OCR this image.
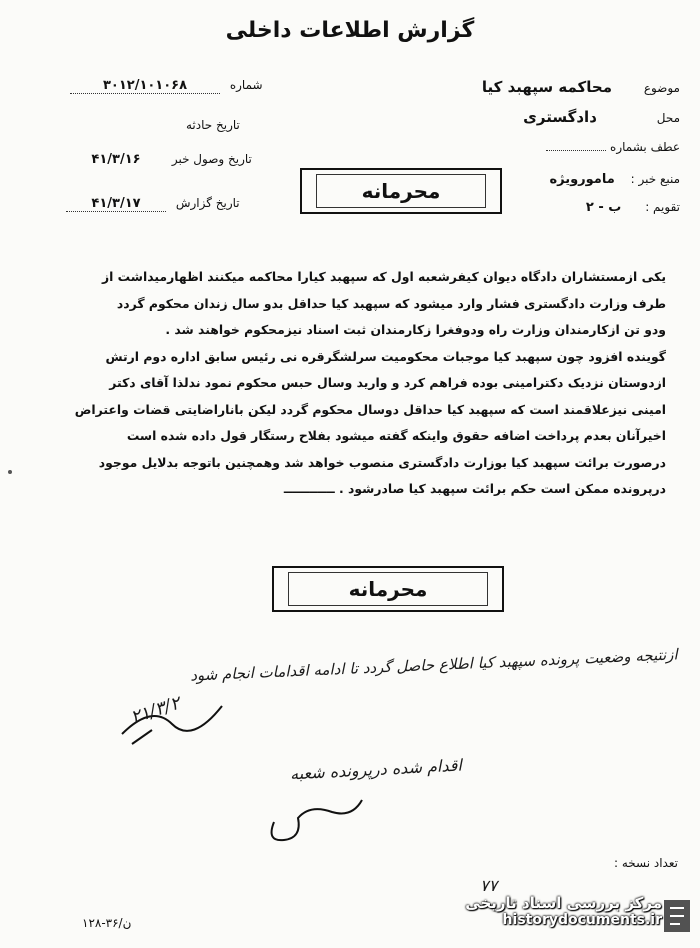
گزارش اطلاعات داخلی
موضوع محاکمه سپهبد کیا
محل دادگستری
عطف بشماره
منبع خبر : مامورویژه
تقویم : ب - ۲
شماره ۳۰۱۲/۱۰۱۰۶۸
تاریخ حادثه
تاریخ وصول خبر ۴۱/۳/۱۶
تاریخ گزارش ۴۱/۳/۱۷
محرمانه

یکی ازمستشاران دادگاه دیوان کیفرشعبه اول که سپهبد کیارا محاکمه میکنند اظهارمیداشت از

طرف وزارت دادگستری فشار وارد میشود که سپهبد کیا حداقل بدو سال زندان محکوم گردد

ودو تن ازکارمندان وزارت راه ودوفغرا زکارمندان ثبت اسناد نیزمحکوم خواهند شد .

گوینده افزود چون سپهبد کیا موجبات محکومیت سرلشگرقره نی رئیس سابق اداره دوم ارتش

ازدوستان نزدیک دکترامینی بوده فراهم کرد و وارید وسال حبس محکوم نمود ندلذا آقای دکتر

امینی نیزعلاقمند است که سپهبد کیا حداقل دوسال محکوم گردد لیکن باناراضایتی قضات واعتراض

اخیرآنان بعدم پرداخت اضافه حقوق واینکه گفته میشود بفلاح رستگار قول داده شده است

درصورت برائت سپهبد کیا بوزارت دادگستری منصوب خواهد شد وهمچنین باتوجه بدلایل موجود

درپرونده ممکن است حکم برائت سپهبد کیا صادرشود . ــــــــــــ

محرمانه
ازنتیجه وضعیت پرونده سپهبد کیا اطلاع حاصل گردد تا ادامه اقدامات انجام شود
۲۱/۳/۲
اقدام شده درپرونده شعبه
تعداد نسخه :
۷۷
۱۲۸-۳۶/ن
مرکز بررسی اسناد تاریخی
historydocuments.ir
